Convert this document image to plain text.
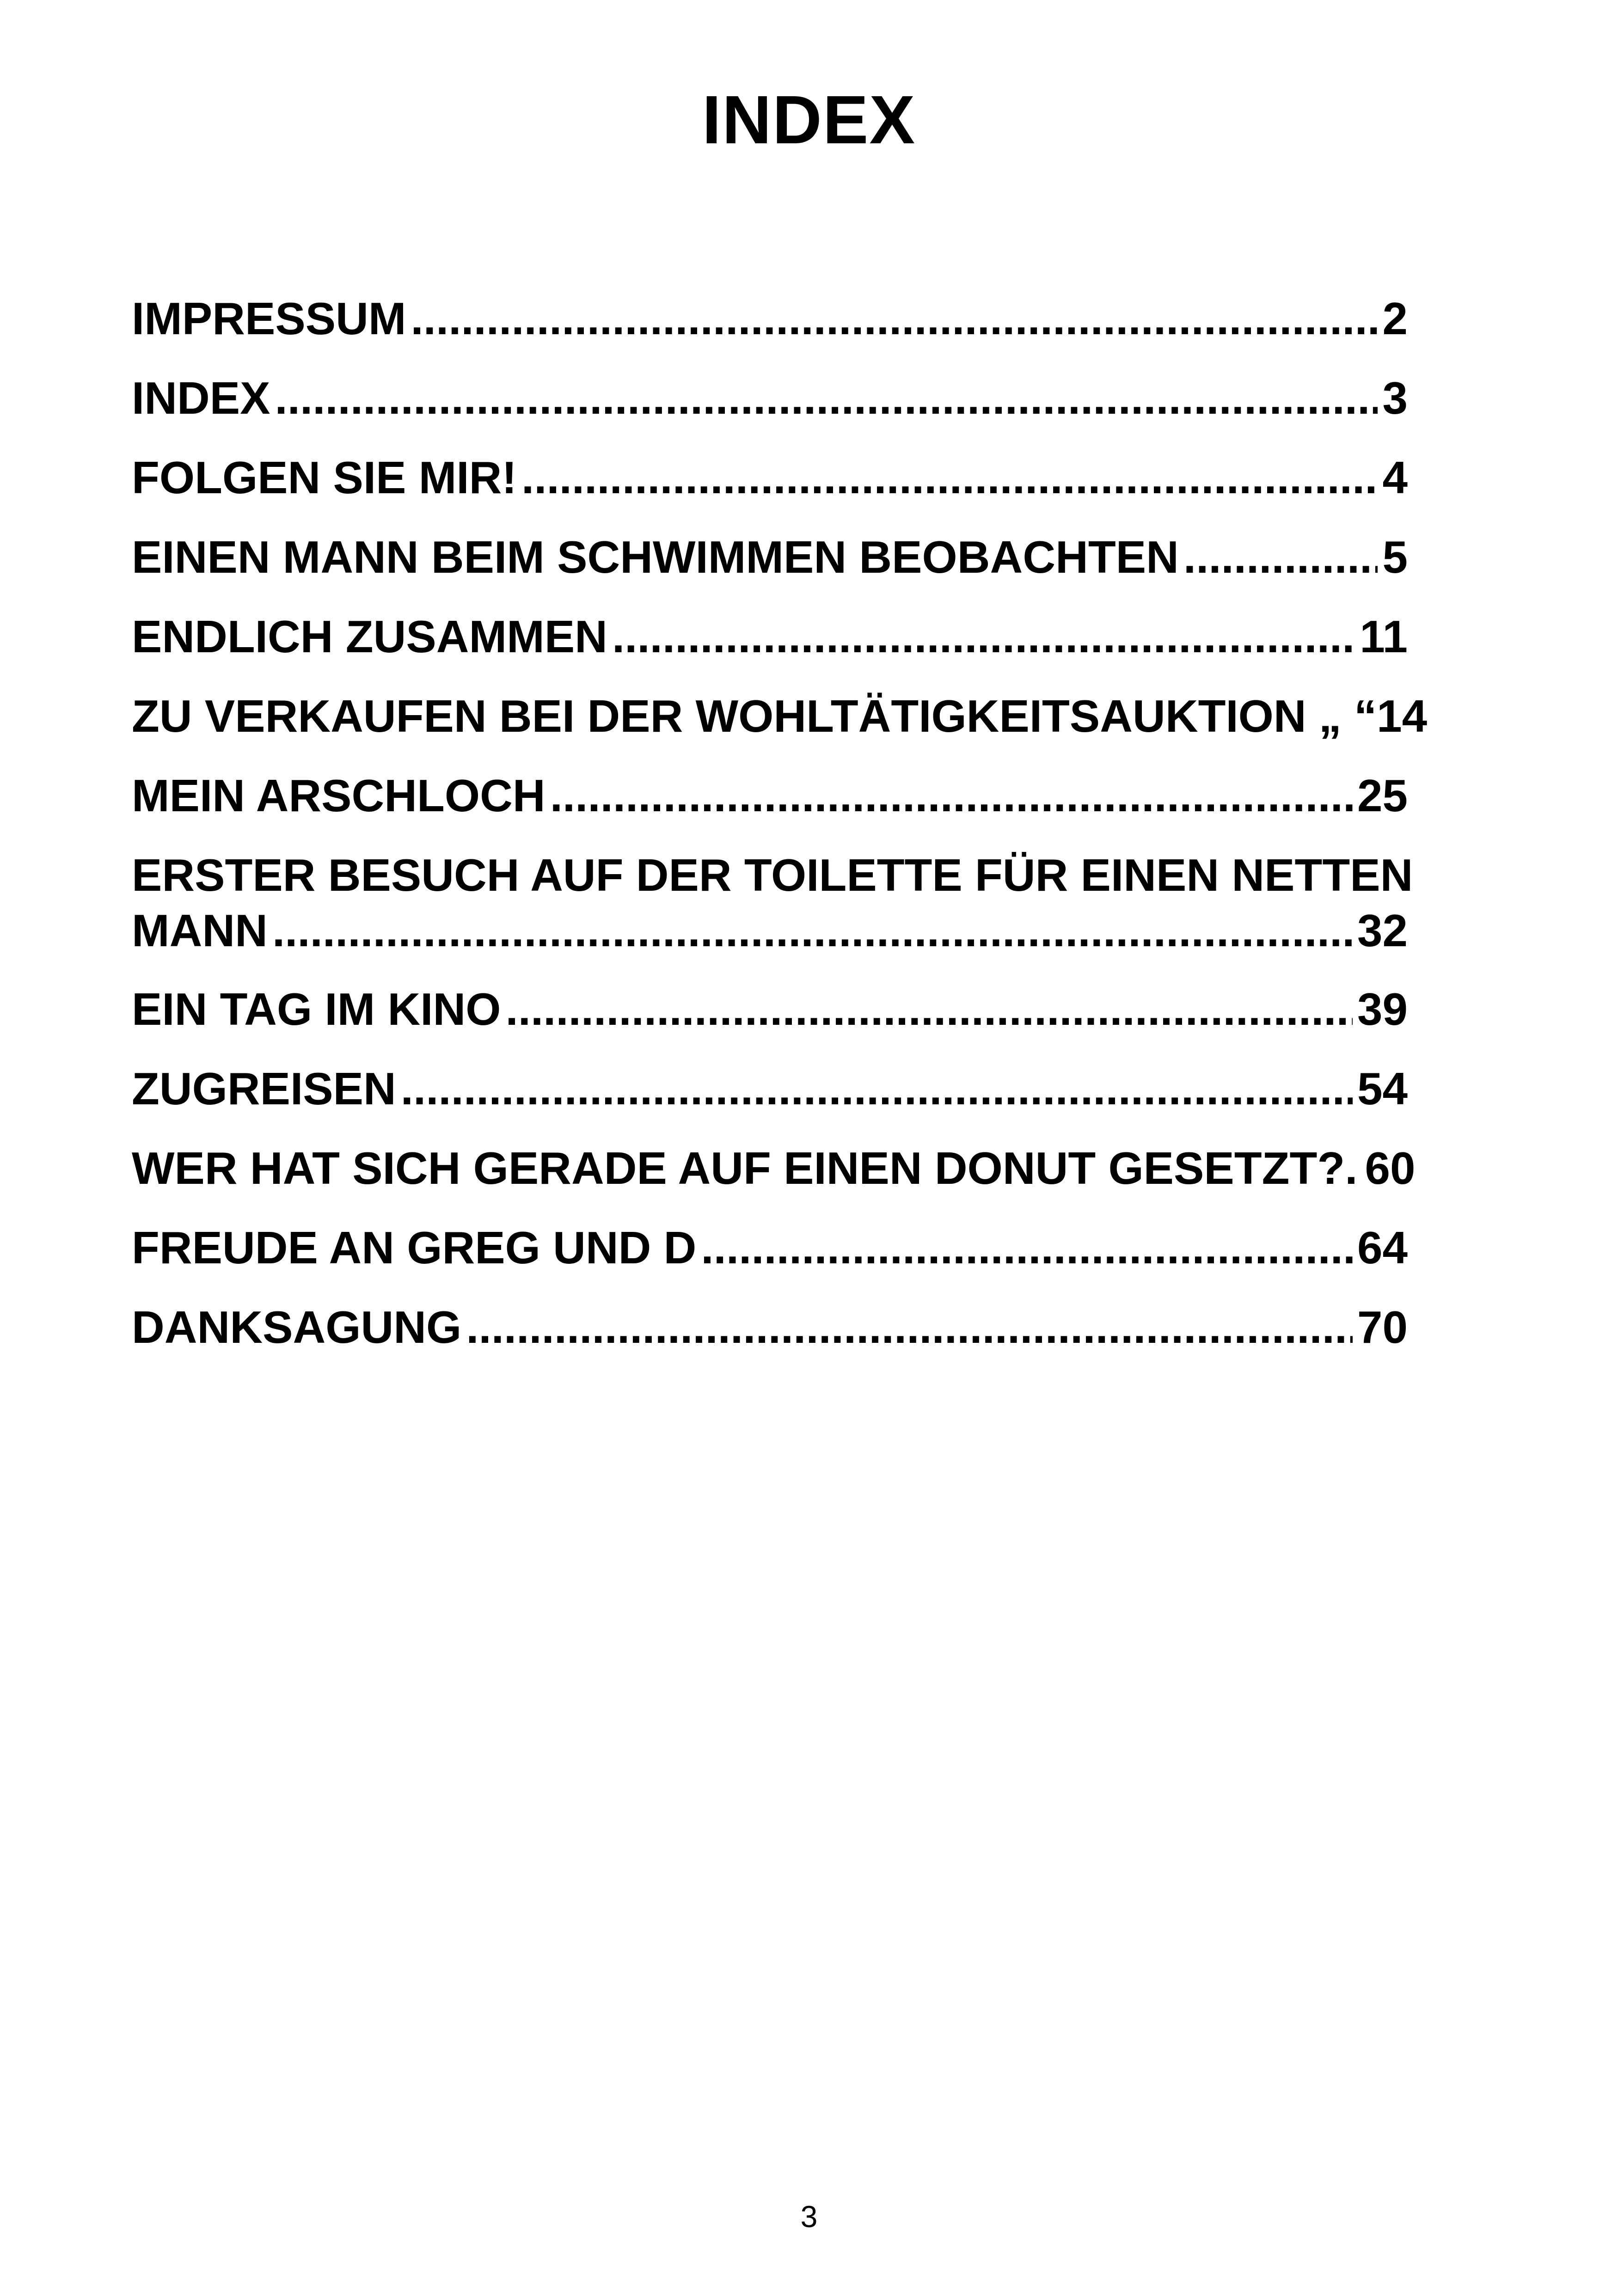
INDEX
IMPRESSUM .....	2
INDEX .....	3
FOLGEN SIE MIR! .....	4
EINEN MANN BEIM SCHWIMMEN BEOBACHTEN .....	5
ENDLICH ZUSAMMEN .....	11
ZU VERKAUFEN BEI DER WOHLTÄTIGKEITSAUKTION „ “ 14
MEIN ARSCHLOCH .....	25
ERSTER BESUCH AUF DER TOILETTE FÜR EINEN NETTEN
MANN .....	32
EIN TAG IM KINO .....	39
ZUGREISEN .....	54
WER HAT SICH GERADE AUF EINEN DONUT GESETZT?. 60
FREUDE AN GREG UND D .....	64
DANKSAGUNG .....	70
3
